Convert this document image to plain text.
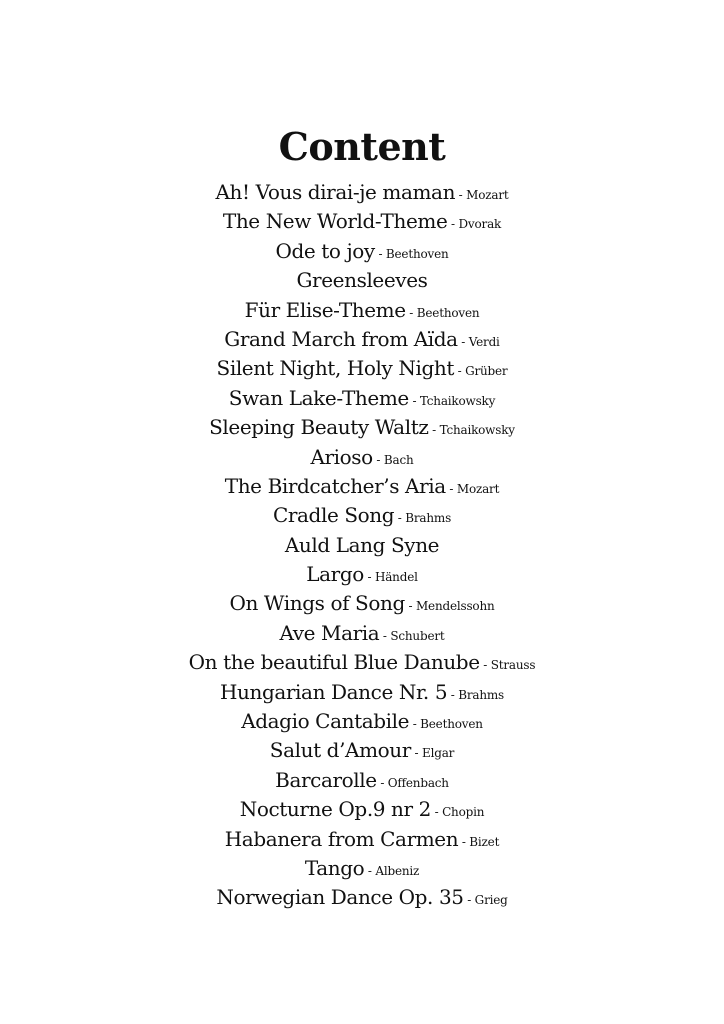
Content
Ah! Vous dirai-je maman - Mozart
The New World-Theme - Dvorak
Ode to joy - Beethoven
Greensleeves
Für Elise-Theme - Beethoven
Grand March from Aïda - Verdi
Silent Night, Holy Night - Grüber
Swan Lake-Theme - Tchaikowsky
Sleeping Beauty Waltz - Tchaikowsky
Arioso - Bach
The Birdcatcher’s Aria - Mozart
Cradle Song - Brahms
Auld Lang Syne
Largo - Händel
On Wings of Song - Mendelssohn
Ave Maria - Schubert
On the beautiful Blue Danube - Strauss
Hungarian Dance Nr. 5 - Brahms
Adagio Cantabile - Beethoven
Salut d’Amour - Elgar
Barcarolle - Offenbach
Nocturne Op.9 nr 2 - Chopin
Habanera from Carmen - Bizet
Tango - Albeniz
Norwegian Dance Op. 35 - Grieg
